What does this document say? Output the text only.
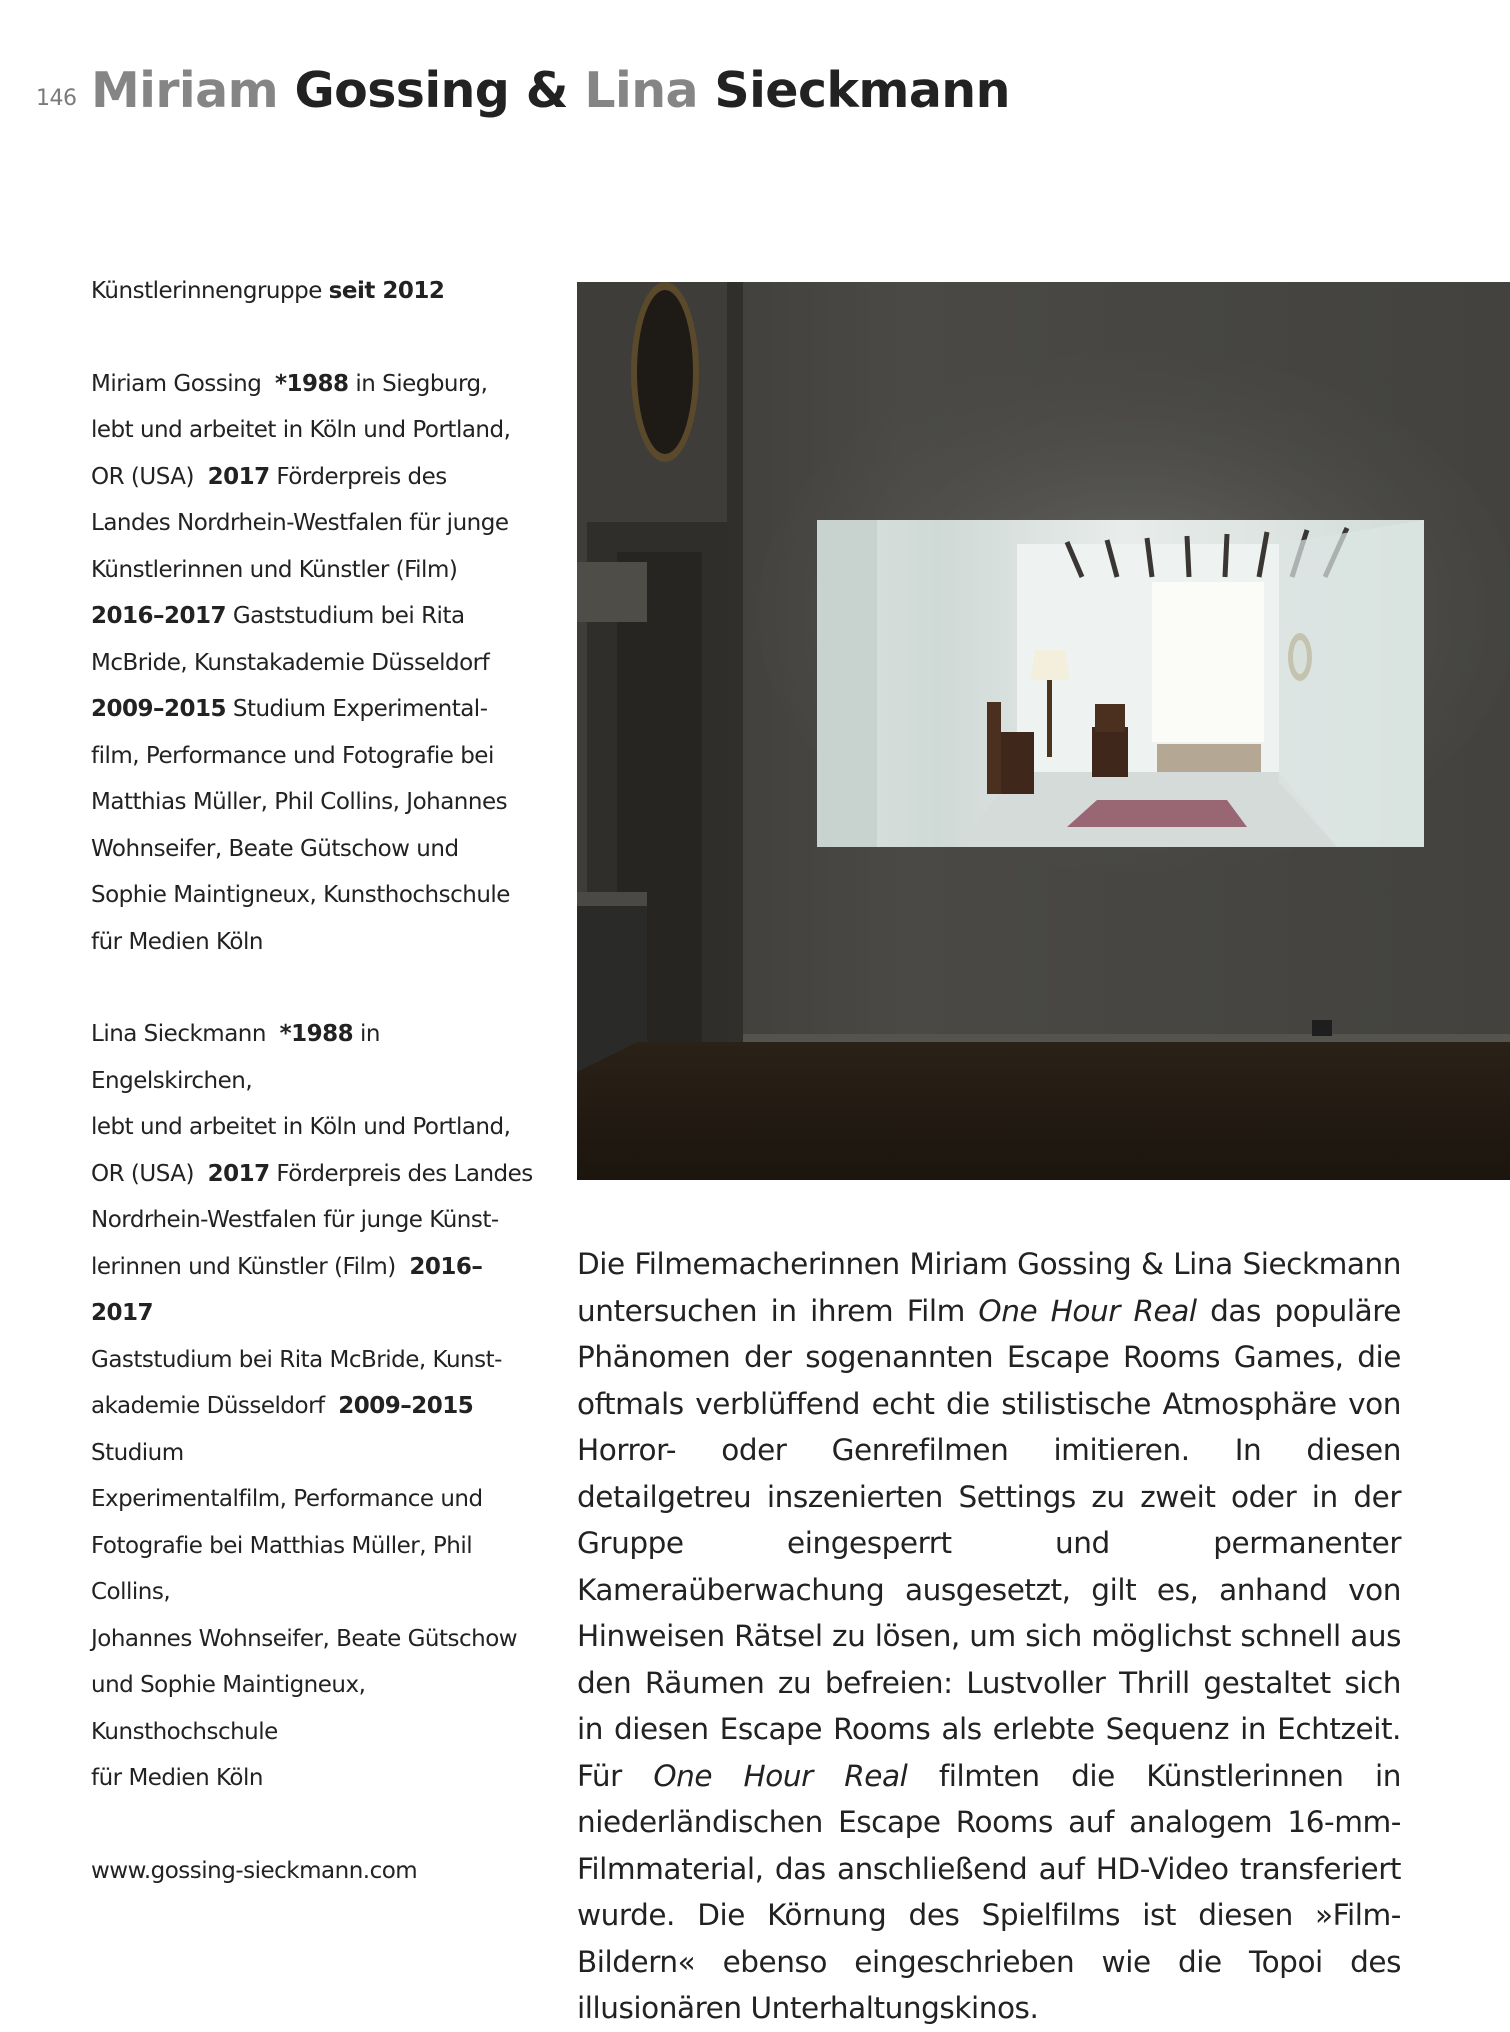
146 Miriam Gossing & Lina Sieckmann

Künstlerinnengruppe seit 2012

Miriam Gossing *1988 in Siegburg,

lebt und arbeitet in Köln und Portland,

OR (USA) 2017 Förderpreis des

Landes Nordrhein-Westfalen für junge

Künstlerinnen und Künstler (Film)

2016–2017 Gaststudium bei Rita

McBride, Kunstakademie Düsseldorf

2009–2015 Studium Experimental-

film, Performance und Fotografie bei

Matthias Müller, Phil Collins, Johannes

Wohnseifer, Beate Gütschow und

Sophie Maintigneux, Kunsthochschule

für Medien Köln

Lina Sieckmann *1988 in Engelskirchen,

lebt und arbeitet in Köln und Portland,

OR (USA) 2017 Förderpreis des Landes

Nordrhein-Westfalen für junge Künst-

lerinnen und Künstler (Film) 2016–2017

Gaststudium bei Rita McBride, Kunst-

akademie Düsseldorf 2009–2015 Studium

Experimentalfilm, Performance und

Fotografie bei Matthias Müller, Phil Collins,

Johannes Wohnseifer, Beate Gütschow

und Sophie Maintigneux, Kunsthochschule

für Medien Köln

www.gossing-sieckmann.com

Die Filmemacherinnen Miriam Gossing & Lina Sieckmann untersuchen in ihrem Film One Hour Real das populäre Phänomen der sogenannten Escape Rooms Games, die oftmals verblüffend echt die stilistische Atmosphäre von Horror- oder Genrefilmen imitieren. In diesen detailgetreu inszenierten Settings zu zweit oder in der Gruppe eingesperrt und permanenter Kameraüberwachung ausgesetzt, gilt es, anhand von Hinweisen Rätsel zu lösen, um sich möglichst schnell aus den Räumen zu befreien: Lustvoller Thrill gestaltet sich in diesen Escape Rooms als erlebte Sequenz in Echtzeit. Für One Hour Real filmten die Künstlerinnen in niederländischen Escape Rooms auf analogem 16-mm-Filmmaterial, das anschließend auf HD-Video transferiert wurde. Die Körnung des Spielfilms ist diesen »Film-Bildern« ebenso eingeschrieben wie die Topoi des illusionären Unterhaltungskinos.
